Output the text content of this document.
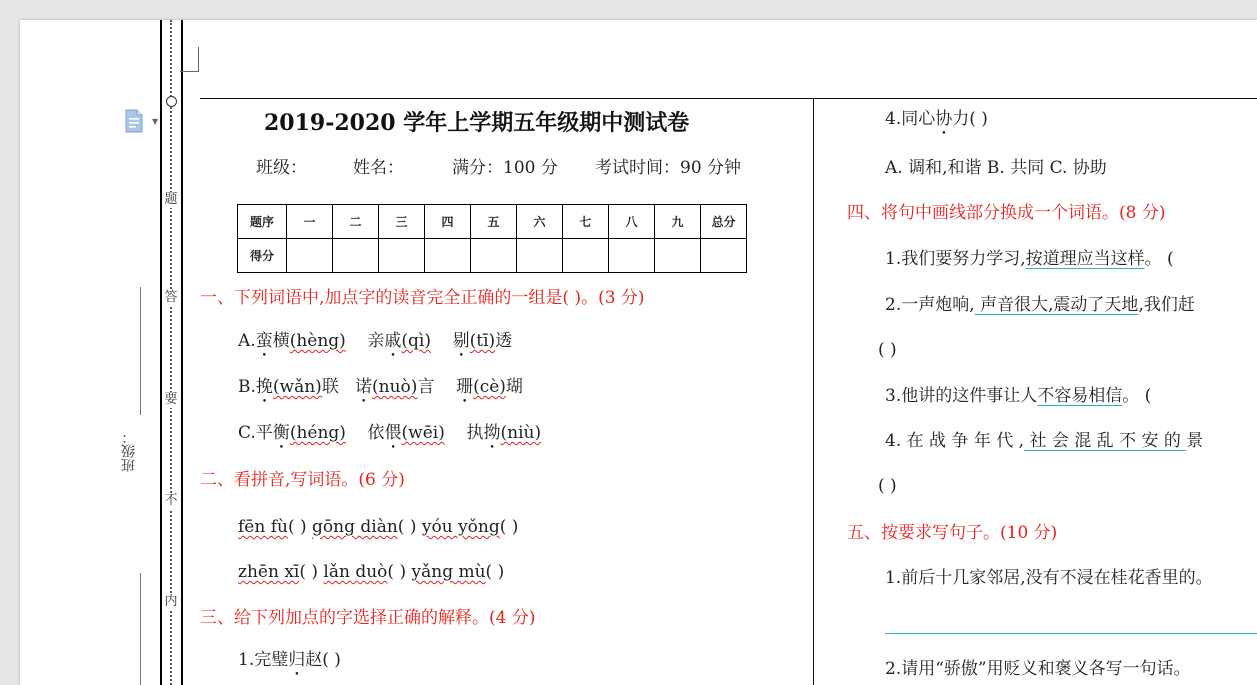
▼
题
答
要
不
内
班级：
2019-2020 学年上学期五年级期中测试卷
班级：	姓名：	满分：100 分 考试时间：90 分钟
题序	一	二	三	四	五	六	七	八	九	总分
得分										
一、下列词语中,加点字的读音完全正确的一组是( )。(3 分)
A.蛮横(hèng) 亲戚(qì) 剔(tī)透
B.挽(wǎn)联 诺(nuò)言 珊(cè)瑚
C.平衡(héng) 依偎(wēi) 执拗(niù)
二、看拼音,写词语。(6 分)
fēn fù( ) gōng diàn( ) yóu yǒng( )
zhēn xī( ) lǎn duò( ) yǎng mù( )
三、给下列加点的字选择正确的解释。(4 分)
1.完璧归赵( )
4.同心协力( )
A. 调和,和谐 B. 共同 C. 协助
四、将句中画线部分换成一个词语。(8 分)
1.我们要努力学习,按道理应当这样。 (
2.一声炮响, 声音很大,震动了天地,我们赶
( )
3.他讲的这件事让人不容易相信。 (
4. 在 战 争 年 代 , 社 会 混 乱 不 安 的 景
( )
五、按要求写句子。(10 分)
1.前后十几家邻居,没有不浸在桂花香里的。
2.请用“骄傲”用贬义和褒义各写一句话。
